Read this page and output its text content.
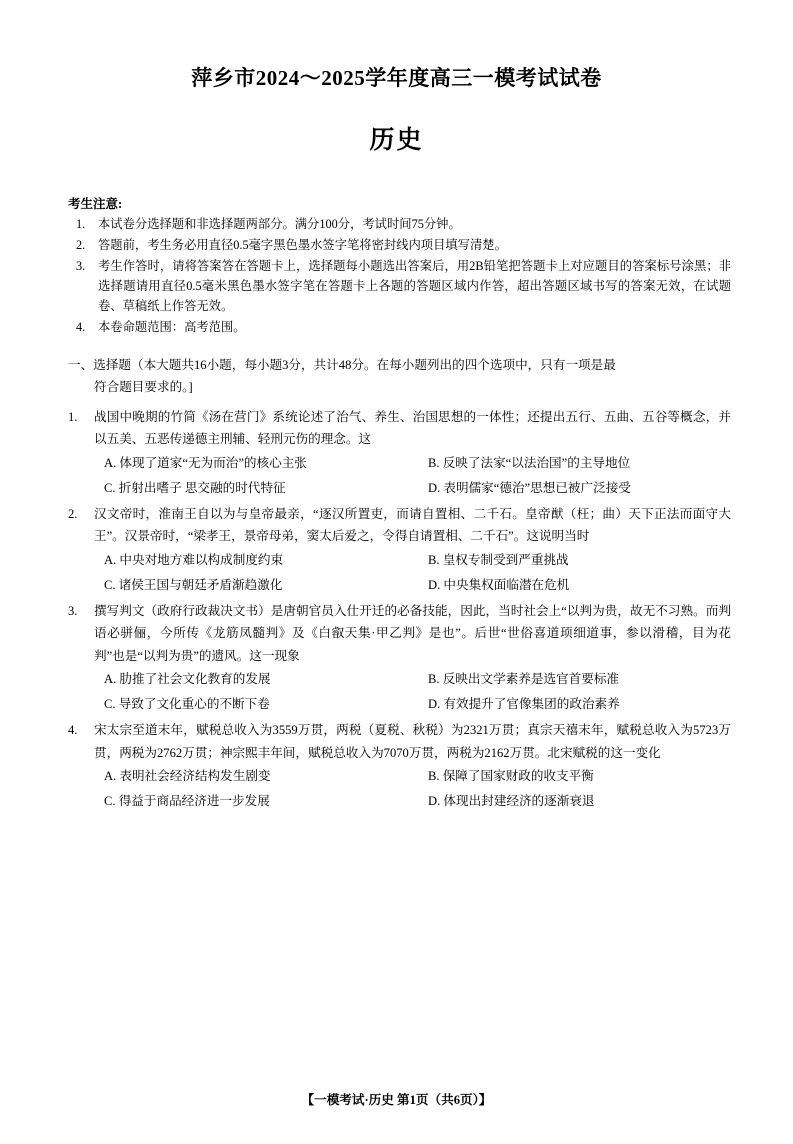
萍乡市2024～2025学年度高三一模考试试卷
历史
考生注意:
1. 本试卷分选择题和非选择题两部分。满分100分，考试时间75分钟。
2. 答题前，考生务必用直径0.5毫字黑色墨水签字笔将密封线内项目填写清楚。
3. 考生作答时，请将答案答在答题卡上，选择题每小题选出答案后，用2B铅笔把答题卡上对应题目的答案标号涂黑；非选择题请用直径0.5毫米黑色墨水签字笔在答题卡上各题的答题区域内作答，超出答题区域书写的答案无效，在试题卷、草稿纸上作答无效。
4. 本卷命题范围：高考范围。
一、选择题（本大题共16小题，每小题3分，共计48分。在每小题列出的四个选项中，只有一项是最
符合题目要求的。]
1. 战国中晚期的竹简《汤在营门》系统论述了治气、养生、治国思想的一体性；还提出五行、五曲、五谷等概念，并以五美、五恶传递德主刑辅、轻刑元伤的理念。这
A. 体现了道家“无为而治”的核心主张	B. 反映了法家“以法治国”的主导地位
C. 折射出嗜子 思交融的时代特征	D. 表明儒家“德治”思想已被广泛接受
2. 汉文帝时，淮南王自以为与皇帝最亲，“逐汉所置吏，而请自置相、二千石。皇帝猷（枉；曲）天下正法而面守大王”。汉景帝时，“梁孝王，景帝母弟，窦太后爱之，令得自请置相、二千石”。这说明当时
A. 中央对地方难以构成制度约束	B. 皇权专制受到严重挑战
C. 诸侯王国与朝廷矛盾渐趋激化	D. 中央集权面临潜在危机
3. 撰写判文（政府行政裁决文书）是唐朝官员入仕开迁的必备技能，因此，当时社会上“以判为贵，故无不习熟。而判语必骈俪，今所传《龙筋凤髓判》及《白㕡天集·甲乙判》是也”。后世“世俗喜道顼细道事，参以滑稽，目为花判”也是“以判为贵”的遗风。这一现象
A. 肋推了社会文化教育的发展	B. 反映出文学素养是选官首要标准
C. 导致了文化重心的不断下卷	D. 有效提升了官像集团的政治素养
4. 宋太宗至道末年，赋税总收入为3559万贯，两税（夏税、秋税）为2321万贯；真宗天禧末年，赋税总收入为5723万贯，两税为2762万贯；神宗熙丰年间，赋税总收入为7070万贯，两税为2162万贯。北宋赋税的这一变化
A. 表明社会经济结构发生剧变	B. 保障了国家财政的收支平衡
C. 得益于商品经济进一步发展	D. 体现出封建经济的逐渐衰退
【一模考试·历史 第1页（共6页）】
